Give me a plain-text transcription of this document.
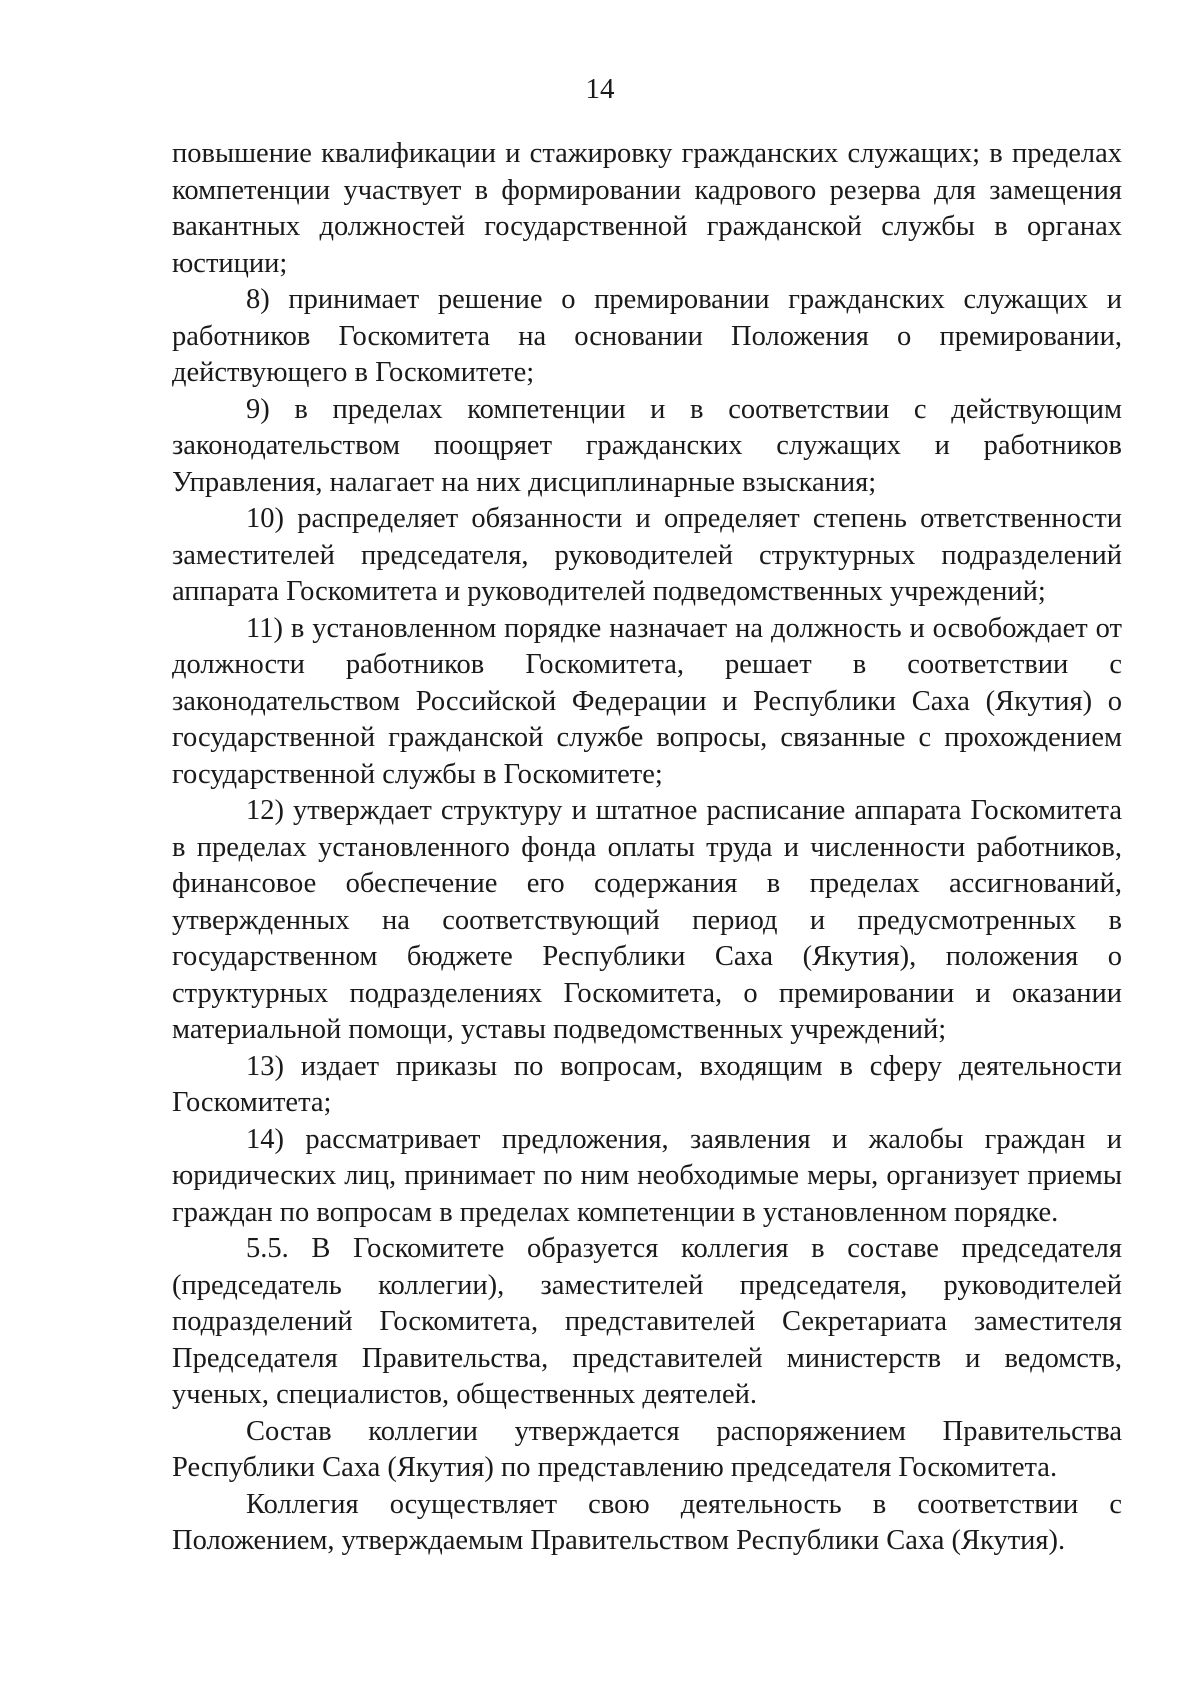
14

повышение квалификации и стажировку гражданских служащих; в пределах компетенции участвует в формировании кадрового резерва для замещения вакантных должностей государственной гражданской службы в органах юстиции;

8) принимает решение о премировании гражданских служащих и работников Госкомитета на основании Положения о премировании, действующего в Госкомитете;

9) в пределах компетенции и в соответствии с действующим законодательством поощряет гражданских служащих и работников Управления, налагает на них дисциплинарные взыскания;

10) распределяет обязанности и определяет степень ответственности заместителей председателя, руководителей структурных подразделений аппарата Госкомитета и руководителей подведомственных учреждений;

11) в установленном порядке назначает на должность и освобождает от должности работников Госкомитета, решает в соответствии с законодательством Российской Федерации и Республики Саха (Якутия) о государственной гражданской службе вопросы, связанные с прохождением государственной службы в Госкомитете;

12) утверждает структуру и штатное расписание аппарата Госкомитета в пределах установленного фонда оплаты труда и численности работников, финансовое обеспечение его содержания в пределах ассигнований, утвержденных на соответствующий период и предусмотренных в государственном бюджете Республики Саха (Якутия), положения о структурных подразделениях Госкомитета, о премировании и оказании материальной помощи, уставы подведомственных учреждений;

13) издает приказы по вопросам, входящим в сферу деятельности Госкомитета;

14) рассматривает предложения, заявления и жалобы граждан и юридических лиц, принимает по ним необходимые меры, организует приемы граждан по вопросам в пределах компетенции в установленном порядке.

5.5. В Госкомитете образуется коллегия в составе председателя (председатель коллегии), заместителей председателя, руководителей подразделений Госкомитета, представителей Секретариата заместителя Председателя Правительства, представителей министерств и ведомств, ученых, специалистов, общественных деятелей.

Состав коллегии утверждается распоряжением Правительства Республики Саха (Якутия) по представлению председателя Госкомитета.

Коллегия осуществляет свою деятельность в соответствии с Положением, утверждаемым Правительством Республики Саха (Якутия).
